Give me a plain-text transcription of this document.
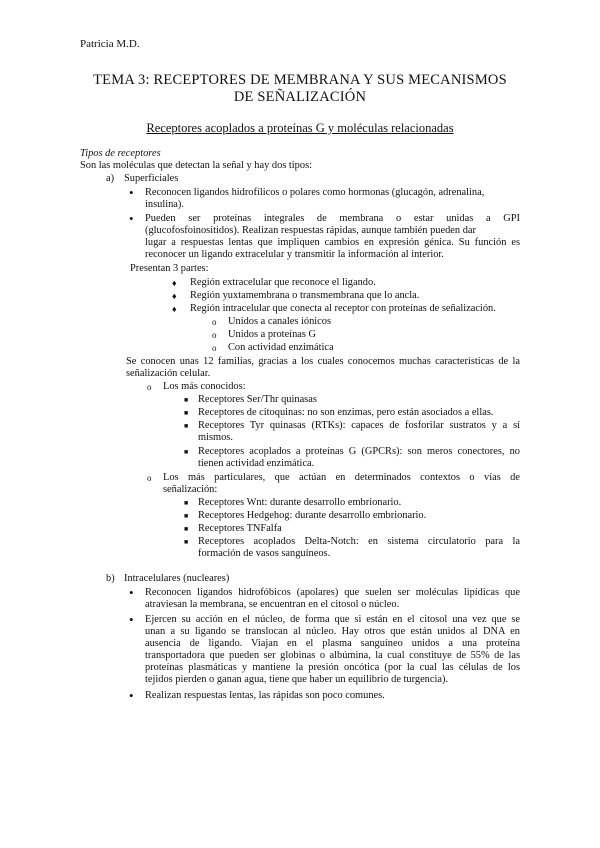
Patricia M.D.
TEMA 3: RECEPTORES DE MEMBRANA Y SUS MECANISMOS
DE SEÑALIZACIÓN
Receptores acoplados a proteínas G y moléculas relacionadas
Tipos de receptores
Son las moléculas que detectan la señal y hay dos tipos:
a) Superficiales
• Reconocen ligandos hidrofílicos o polares como hormonas (glucagón, adrenalina,
insulina).
• Pueden ser proteínas integrales de membrana o estar unidas a GPI
(glucofosfoinositidos). Realizan respuestas rápidas, aunque también pueden dar
lugar a respuestas lentas que impliquen cambios en expresión génica. Su función es
reconocer un ligando extracelular y transmitir la información al interior.
Presentan 3 partes:
♦ Región extracelular que reconoce el ligando.
♦ Región yuxtamembrana o transmembrana que lo ancla.
♦ Región intracelular que conecta al receptor con proteínas de señalización.
o Unidos a canales iónicos
o Unidos a proteínas G
o Con actividad enzimática
Se conocen unas 12 familias, gracias a los cuales conocemos muchas características de la
señalización celular.
o Los más conocidos:
■ Receptores Ser/Thr quinasas
■ Receptores de citoquinas: no son enzimas, pero están asociados a ellas.
■ Receptores Tyr quinasas (RTKs): capaces de fosforilar sustratos y a sí
mismos.
■ Receptores acoplados a proteínas G (GPCRs): son meros conectores, no
tienen actividad enzimática.
o Los más particulares, que actúan en determinados contextos o vías de
señalización:
■ Receptores Wnt: durante desarrollo embrionario.
■ Receptores Hedgehog: durante desarrollo embrionario.
■ Receptores TNFalfa
■ Receptores acoplados Delta-Notch: en sistema circulatorio para la
formación de vasos sanguíneos.
b) Intracelulares (nucleares)
• Reconocen ligandos hidrofóbicos (apolares) que suelen ser moléculas lipídicas que
atraviesan la membrana, se encuentran en el citosol o núcleo.
• Ejercen su acción en el núcleo, de forma que si están en el citosol una vez que se
unan a su ligando se translocan al núcleo. Hay otros que están unidos al DNA en
ausencia de ligando. Viajan en el plasma sanguíneo unidos a una proteína
transportadora que pueden ser globinas o albúmina, la cual constituye de 55% de las
proteínas plasmáticas y mantiene la presión oncótica (por la cual las células de los
tejidos pierden o ganan agua, tiene que haber un equilibrio de turgencia).
• Realizan respuestas lentas, las rápidas son poco comunes.
